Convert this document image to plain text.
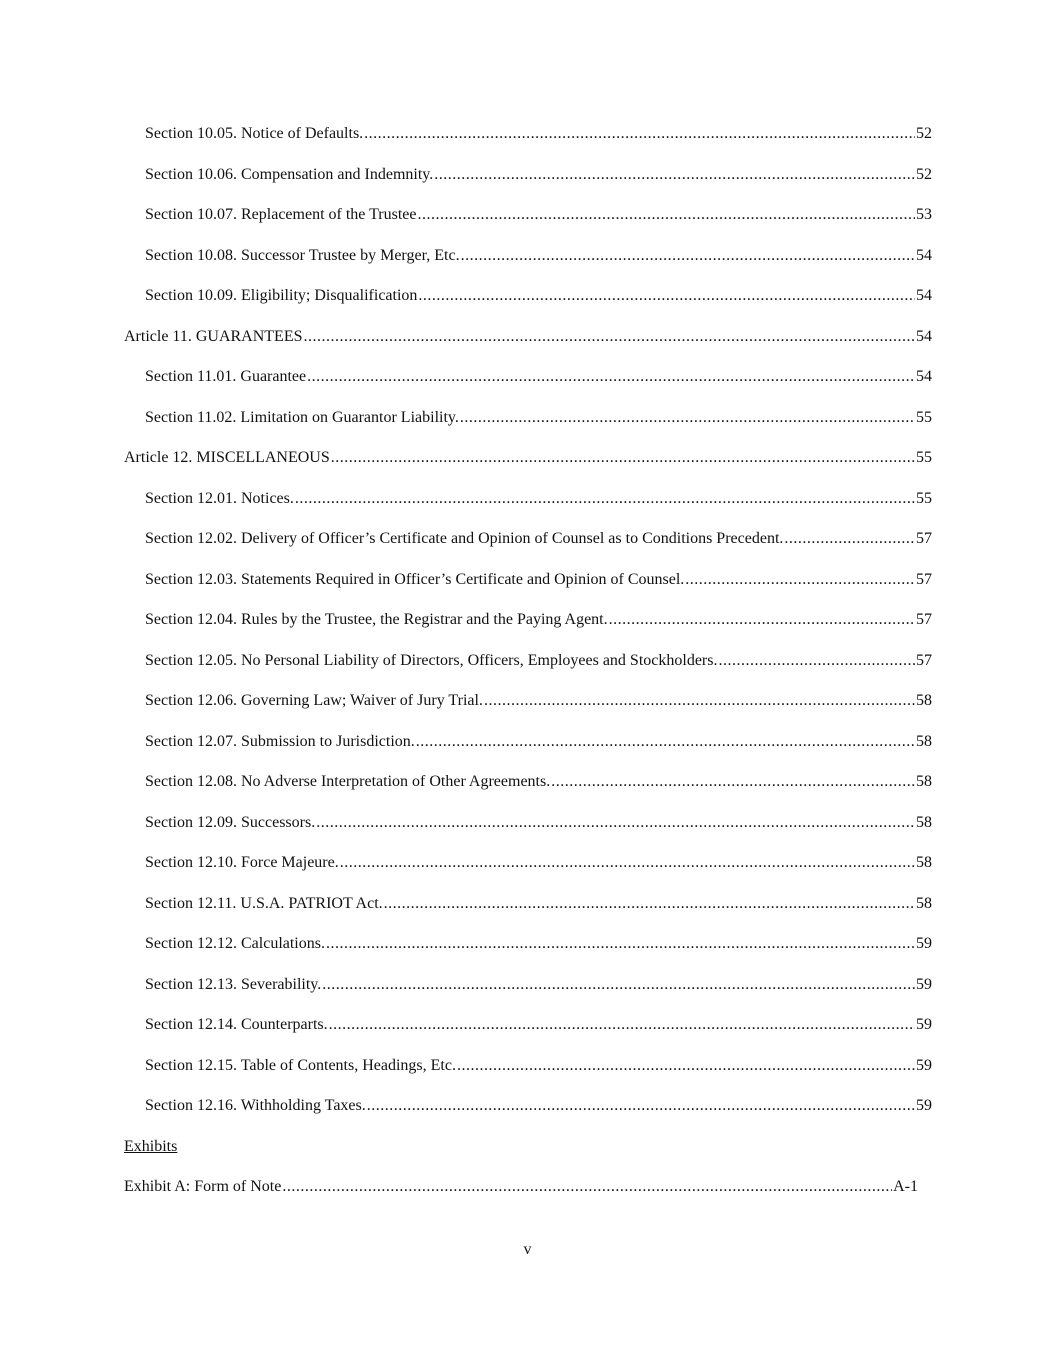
Section 10.05. Notice of Defaults. .....	52
Section 10.06. Compensation and Indemnity. .....	52
Section 10.07. Replacement of the Trustee .....	53
Section 10.08. Successor Trustee by Merger, Etc. .....	54
Section 10.09. Eligibility; Disqualification .....	54
Article 11. GUARANTEES .....	54
Section 11.01. Guarantee .....	54
Section 11.02. Limitation on Guarantor Liability. .....	55
Article 12. MISCELLANEOUS .....	55
Section 12.01. Notices. .....	55
Section 12.02. Delivery of Officer’s Certificate and Opinion of Counsel as to Conditions Precedent. .....	57
Section 12.03. Statements Required in Officer’s Certificate and Opinion of Counsel. .....	57
Section 12.04. Rules by the Trustee, the Registrar and the Paying Agent. .....	57
Section 12.05. No Personal Liability of Directors, Officers, Employees and Stockholders. .....	57
Section 12.06. Governing Law; Waiver of Jury Trial. .....	58
Section 12.07. Submission to Jurisdiction. .....	58
Section 12.08. No Adverse Interpretation of Other Agreements. .....	58
Section 12.09. Successors. .....	58
Section 12.10. Force Majeure. .....	58
Section 12.11. U.S.A. PATRIOT Act. .....	58
Section 12.12. Calculations. .....	59
Section 12.13. Severability. .....	59
Section 12.14. Counterparts. .....	59
Section 12.15. Table of Contents, Headings, Etc. .....	59
Section 12.16. Withholding Taxes. .....	59
Exhibits
Exhibit A: Form of Note .....	A-1
v
